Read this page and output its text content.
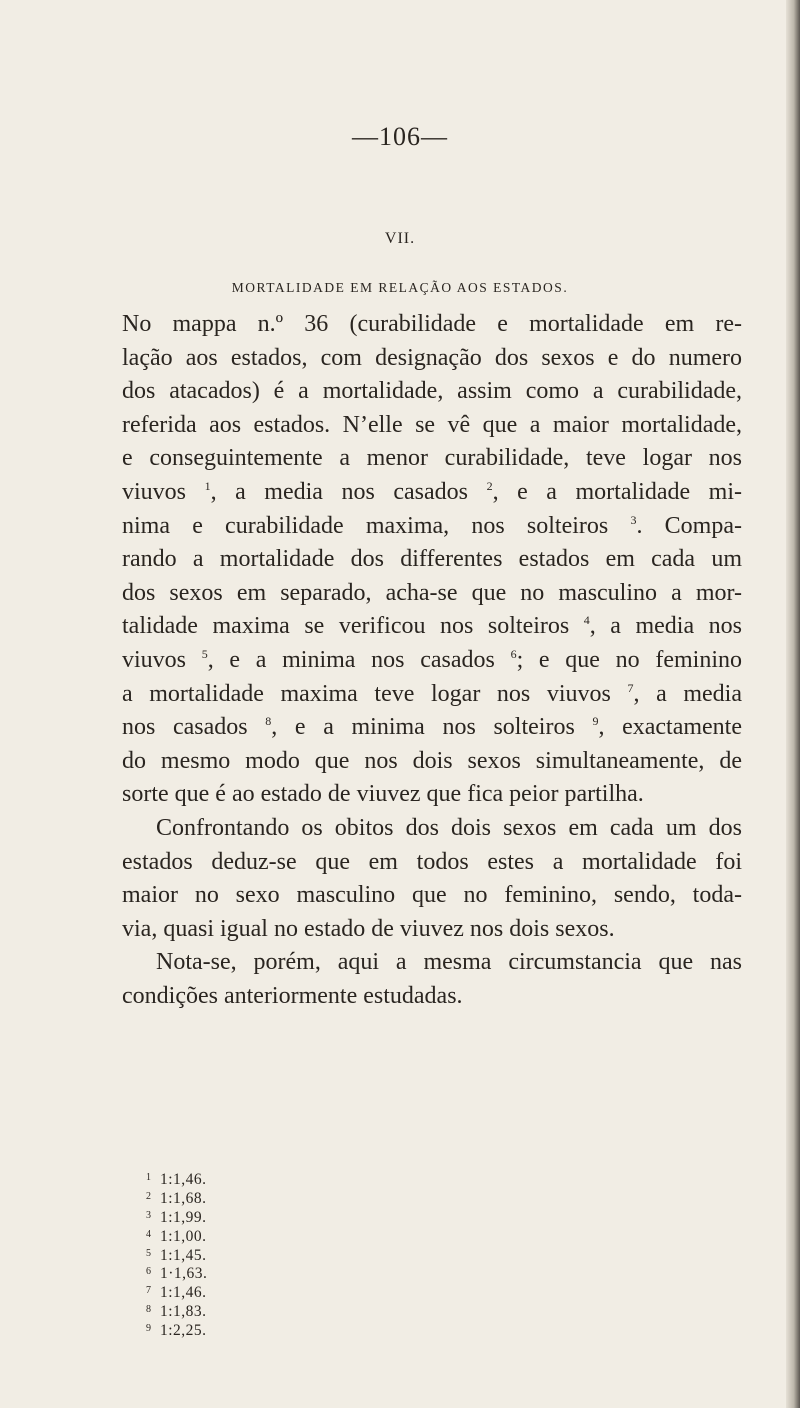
—106—
VII.
MORTALIDADE EM RELAÇÃO AOS ESTADOS.
No mappa n.º 36 (curabilidade e mortalidade em re-
lação aos estados, com designação dos sexos e do numero
dos atacados) é a mortalidade, assim como a curabilidade,
referida aos estados. N’elle se vê que a maior mortalidade,
e conseguintemente a menor curabilidade, teve logar nos
viuvos $^1$, a media nos casados $^2$, e a mortalidade mi-
nima e curabilidade maxima, nos solteiros $^3$. Compa-
rando a mortalidade dos differentes estados em cada um
dos sexos em separado, acha-se que no masculino a mor-
talidade maxima se verificou nos solteiros $^4$, a media nos
viuvos $^5$, e a minima nos casados $^6$; e que no feminino
a mortalidade maxima teve logar nos viuvos $^7$, a media
nos casados $^8$, e a minima nos solteiros $^9$, exactamente
do mesmo modo que nos dois sexos simultaneamente, de
sorte que é ao estado de viuvez que fica peior partilha.
Confrontando os obitos dos dois sexos em cada um dos
estados deduz-se que em todos estes a mortalidade foi
maior no sexo masculino que no feminino, sendo, toda-
via, quasi igual no estado de viuvez nos dois sexos.
Nota-se, porém, aqui a mesma circumstancia que nas
condições anteriormente estudadas.
1 1:1,46.
2 1:1,68.
3 1:1,99.
4 1:1,00.
5 1:1,45.
6 1·1,63.
7 1:1,46.
8 1:1,83.
9 1:2,25.
